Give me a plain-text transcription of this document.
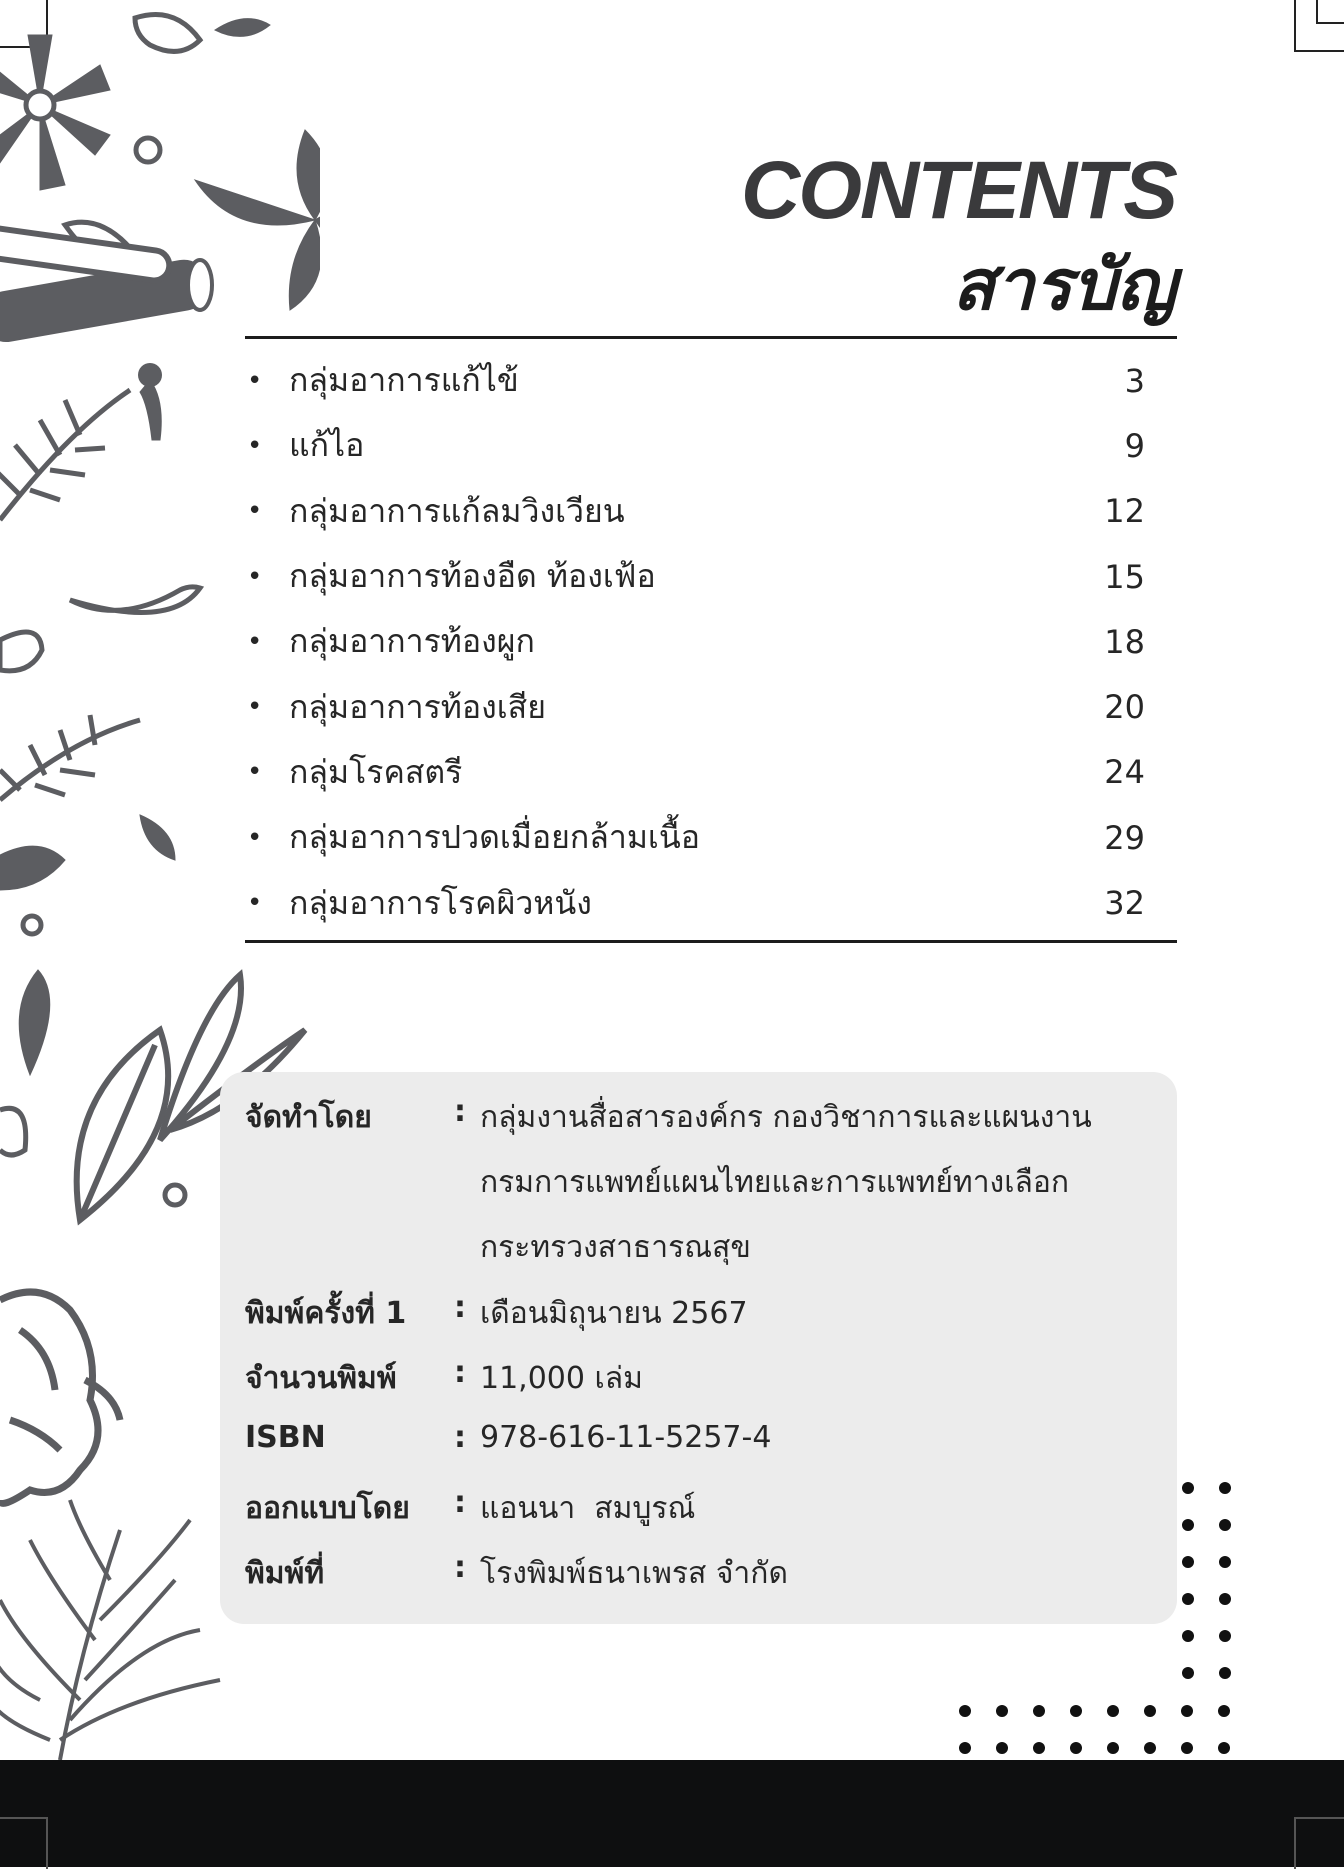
CONTENTS
สารบัญ
• กลุ่มอาการแก้ไข้	3
• แก้ไอ	9
• กลุ่มอาการแก้ลมวิงเวียน	12
• กลุ่มอาการท้องอืด ท้องเฟ้อ	15
• กลุ่มอาการท้องผูก	18
• กลุ่มอาการท้องเสีย	20
• กลุ่มโรคสตรี	24
• กลุ่มอาการปวดเมื่อยกล้ามเนื้อ	29
• กลุ่มอาการโรคผิวหนัง	32
จัดทำโดย	: กลุ่มงานสื่อสารองค์กร กองวิชาการและแผนงาน
กรมการแพทย์แผนไทยและการแพทย์ทางเลือก
กระทรวงสาธารณสุข
พิมพ์ครั้งที่ 1	: เดือนมิถุนายน 2567
จำนวนพิมพ์	: 11,000 เล่ม
ISBN	: 978-616-11-5257-4
ออกแบบโดย	: แอนนา  สมบูรณ์
พิมพ์ที่	: โรงพิมพ์ธนาเพรส จำกัด
